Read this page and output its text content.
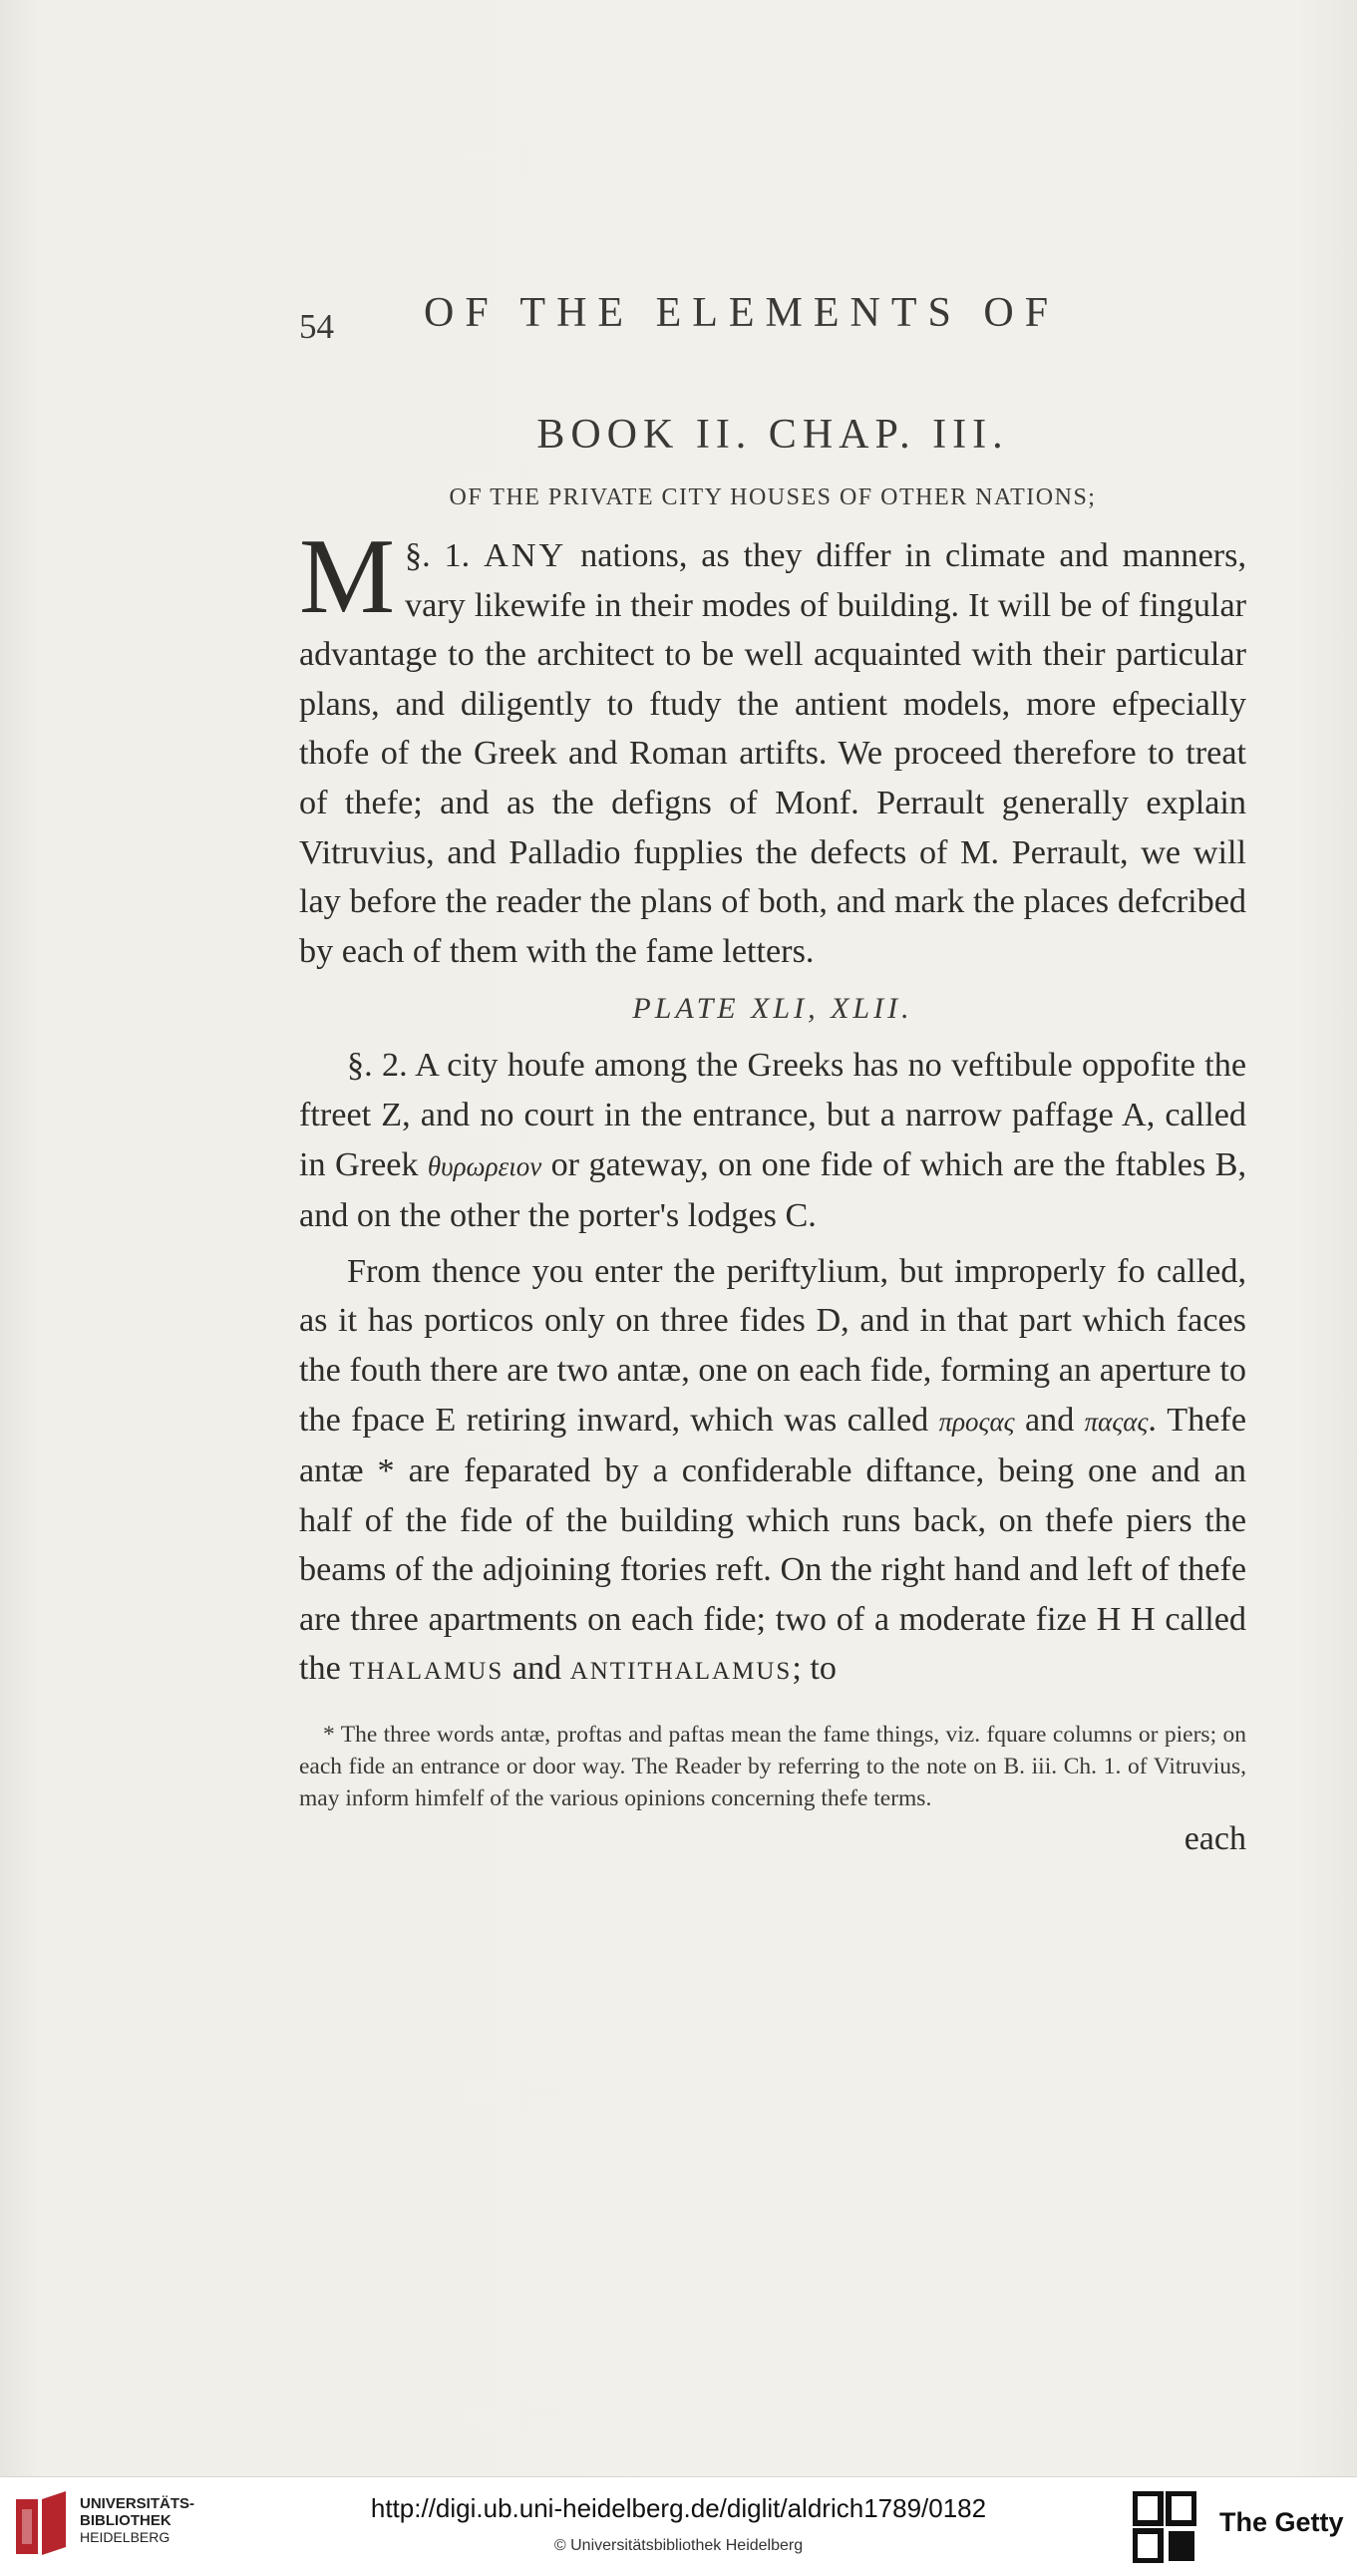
54 OF THE ELEMENTS OF
BOOK II. CHAP. III.
OF THE PRIVATE CITY HOUSES OF OTHER NATIONS;

§. 1.
M	ANY nations, as they differ in climate and manners, vary likewife in their modes of building. It will be of fingular advantage to the architect to be well acquainted with their particular plans, and diligently to ftudy the antient models, more efpecially thofe of the Greek and Roman artifts. We proceed therefore to treat of thefe; and as the defigns of Monf. Perrault generally explain Vitruvius, and Palladio fupplies the defects of M. Perrault, we will lay before the reader the plans of both, and mark the places defcribed by each of them with the fame letters.

PLATE XLI, XLII.

§. 2. A city houfe among the Greeks has no veftibule oppofite the ftreet Z, and no court in the entrance, but a narrow paffage A, called in Greek θυρωρειον or gateway, on one fide of which are the ftables B, and on the other the porter's lodges C.

From thence you enter the periftylium, but improperly fo called, as it has porticos only on three fides D, and in that part which faces the fouth there are two antæ, one on each fide, forming an aperture to the fpace E retiring inward, which was called προςας and παςας. Thefe antæ * are feparated by a confiderable diftance, being one and an half of the fide of the building which runs back, on thefe piers the beams of the adjoining ftories reft. On the right hand and left of thefe are three apartments on each fide; two of a moderate fize H H called the THALAMUS and ANTITHALAMUS; to

* The three words antæ, proftas and paftas mean the fame things, viz. fquare columns or piers; on each fide an entrance or door way. The Reader by referring to the note on B. iii. Ch. 1. of Vitruvius, may inform himfelf of the various opinions concerning thefe terms.
each
UNIVERSITÄTS-
BIBLIOTHEK
HEIDELBERG
http://digi.ub.uni-heidelberg.de/diglit/aldrich1789/0182
© Universitätsbibliothek Heidelberg
The Getty
